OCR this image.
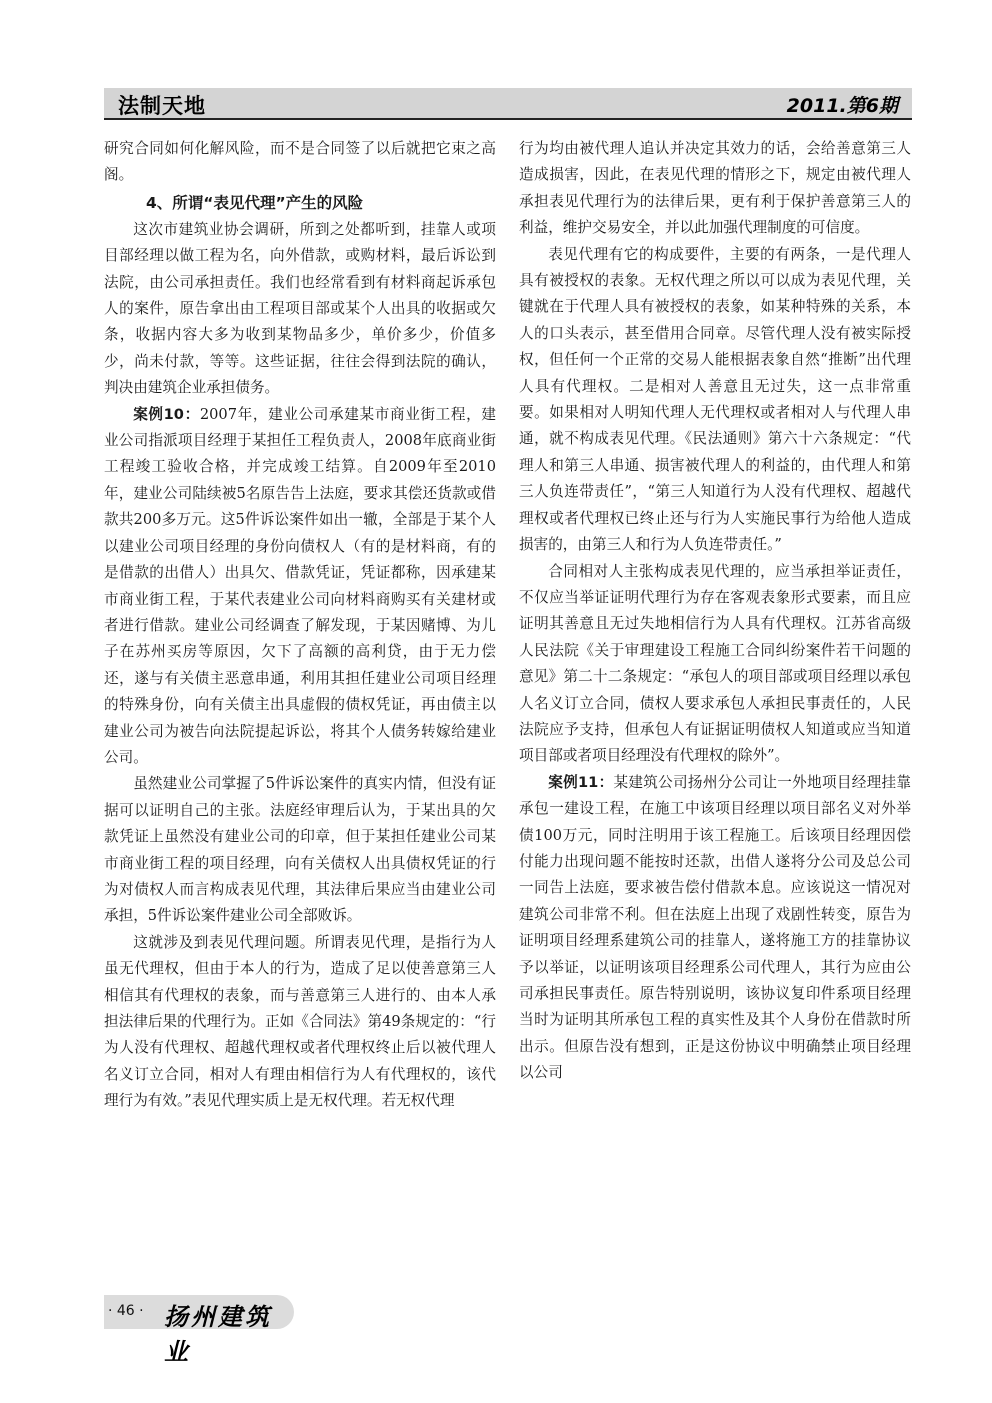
法制天地	2011.第6期

研究合同如何化解风险，而不是合同签了以后就把它束之高阁。

4、所谓“表见代理”产生的风险

这次市建筑业协会调研，所到之处都听到，挂靠人或项目部经理以做工程为名，向外借款，或购材料，最后诉讼到法院，由公司承担责任。我们也经常看到有材料商起诉承包人的案件，原告拿出由工程项目部或某个人出具的收据或欠条，收据内容大多为收到某物品多少，单价多少，价值多少，尚未付款，等等。这些证据，往往会得到法院的确认，判决由建筑企业承担债务。

案例10：2007年，建业公司承建某市商业街工程，建业公司指派项目经理于某担任工程负责人，2008年底商业街工程竣工验收合格，并完成竣工结算。自2009年至2010年，建业公司陆续被5名原告告上法庭，要求其偿还货款或借款共200多万元。这5件诉讼案件如出一辙，全部是于某个人以建业公司项目经理的身份向债权人（有的是材料商，有的是借款的出借人）出具欠、借款凭证，凭证都称，因承建某市商业街工程，于某代表建业公司向材料商购买有关建材或者进行借款。建业公司经调查了解发现，于某因赌博、为儿子在苏州买房等原因，欠下了高额的高利贷，由于无力偿还，遂与有关债主恶意串通，利用其担任建业公司项目经理的特殊身份，向有关债主出具虚假的债权凭证，再由债主以建业公司为被告向法院提起诉讼，将其个人债务转嫁给建业公司。

虽然建业公司掌握了5件诉讼案件的真实内情，但没有证据可以证明自己的主张。法庭经审理后认为，于某出具的欠款凭证上虽然没有建业公司的印章，但于某担任建业公司某市商业街工程的项目经理，向有关债权人出具债权凭证的行为对债权人而言构成表见代理，其法律后果应当由建业公司承担，5件诉讼案件建业公司全部败诉。

这就涉及到表见代理问题。所谓表见代理，是指行为人虽无代理权，但由于本人的行为，造成了足以使善意第三人相信其有代理权的表象，而与善意第三人进行的、由本人承担法律后果的代理行为。正如《合同法》第49条规定的：“行为人没有代理权、超越代理权或者代理权终止后以被代理人名义订立合同，相对人有理由相信行为人有代理权的，该代理行为有效。”表见代理实质上是无权代理。若无权代理

行为均由被代理人追认并决定其效力的话，会给善意第三人造成损害，因此，在表见代理的情形之下，规定由被代理人承担表见代理行为的法律后果，更有利于保护善意第三人的利益，维护交易安全，并以此加强代理制度的可信度。

表见代理有它的构成要件，主要的有两条，一是代理人具有被授权的表象。无权代理之所以可以成为表见代理，关键就在于代理人具有被授权的表象，如某种特殊的关系，本人的口头表示，甚至借用合同章。尽管代理人没有被实际授权，但任何一个正常的交易人能根据表象自然“推断”出代理人具有代理权。二是相对人善意且无过失，这一点非常重要。如果相对人明知代理人无代理权或者相对人与代理人串通，就不构成表见代理。《民法通则》第六十六条规定：“代理人和第三人串通、损害被代理人的利益的，由代理人和第三人负连带责任”，“第三人知道行为人没有代理权、超越代理权或者代理权已终止还与行为人实施民事行为给他人造成损害的，由第三人和行为人负连带责任。”

合同相对人主张构成表见代理的，应当承担举证责任，不仅应当举证证明代理行为存在客观表象形式要素，而且应证明其善意且无过失地相信行为人具有代理权。江苏省高级人民法院《关于审理建设工程施工合同纠纷案件若干问题的意见》第二十二条规定：“承包人的项目部或项目经理以承包人名义订立合同，债权人要求承包人承担民事责任的，人民法院应予支持，但承包人有证据证明债权人知道或应当知道项目部或者项目经理没有代理权的除外”。

案例11：某建筑公司扬州分公司让一外地项目经理挂靠承包一建设工程，在施工中该项目经理以项目部名义对外举债100万元，同时注明用于该工程施工。后该项目经理因偿付能力出现问题不能按时还款，出借人遂将分公司及总公司一同告上法庭，要求被告偿付借款本息。应该说这一情况对建筑公司非常不利。但在法庭上出现了戏剧性转变，原告为证明项目经理系建筑公司的挂靠人，遂将施工方的挂靠协议予以举证，以证明该项目经理系公司代理人，其行为应由公司承担民事责任。原告特别说明，该协议复印件系项目经理当时为证明其所承包工程的真实性及其个人身份在借款时所出示。但原告没有想到，正是这份协议中明确禁止项目经理以公司

· 46 · 扬州建筑业
